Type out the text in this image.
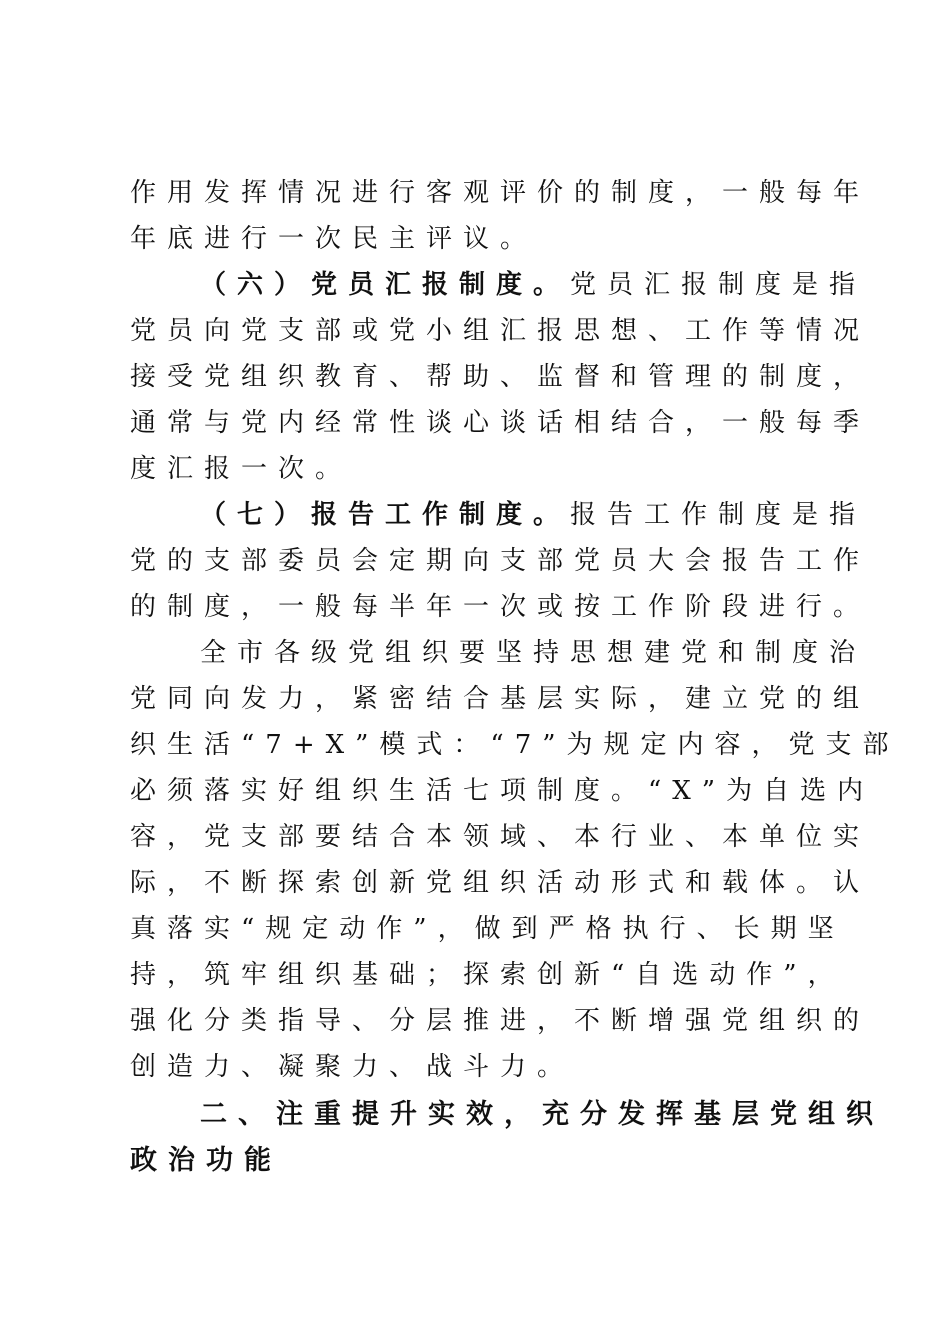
作用发挥情况进行客观评价的制度，一般每年
年底进行一次民主评议。
（六）党员汇报制度。党员汇报制度是指
党员向党支部或党小组汇报思想、工作等情况
接受党组织教育、帮助、监督和管理的制度，
通常与党内经常性谈心谈话相结合，一般每季
度汇报一次。
（七）报告工作制度。报告工作制度是指
党的支部委员会定期向支部党员大会报告工作
的制度，一般每半年一次或按工作阶段进行。
全市各级党组织要坚持思想建党和制度治
党同向发力，紧密结合基层实际，建立党的组
织生活“7+X”模式：“7”为规定内容，党支部
必须落实好组织生活七项制度。“X”为自选内
容，党支部要结合本领域、本行业、本单位实
际，不断探索创新党组织活动形式和载体。认
真落实“规定动作”，做到严格执行、长期坚
持，筑牢组织基础；探索创新“自选动作”，
强化分类指导、分层推进，不断增强党组织的
创造力、凝聚力、战斗力。
二、注重提升实效，充分发挥基层党组织
政治功能
